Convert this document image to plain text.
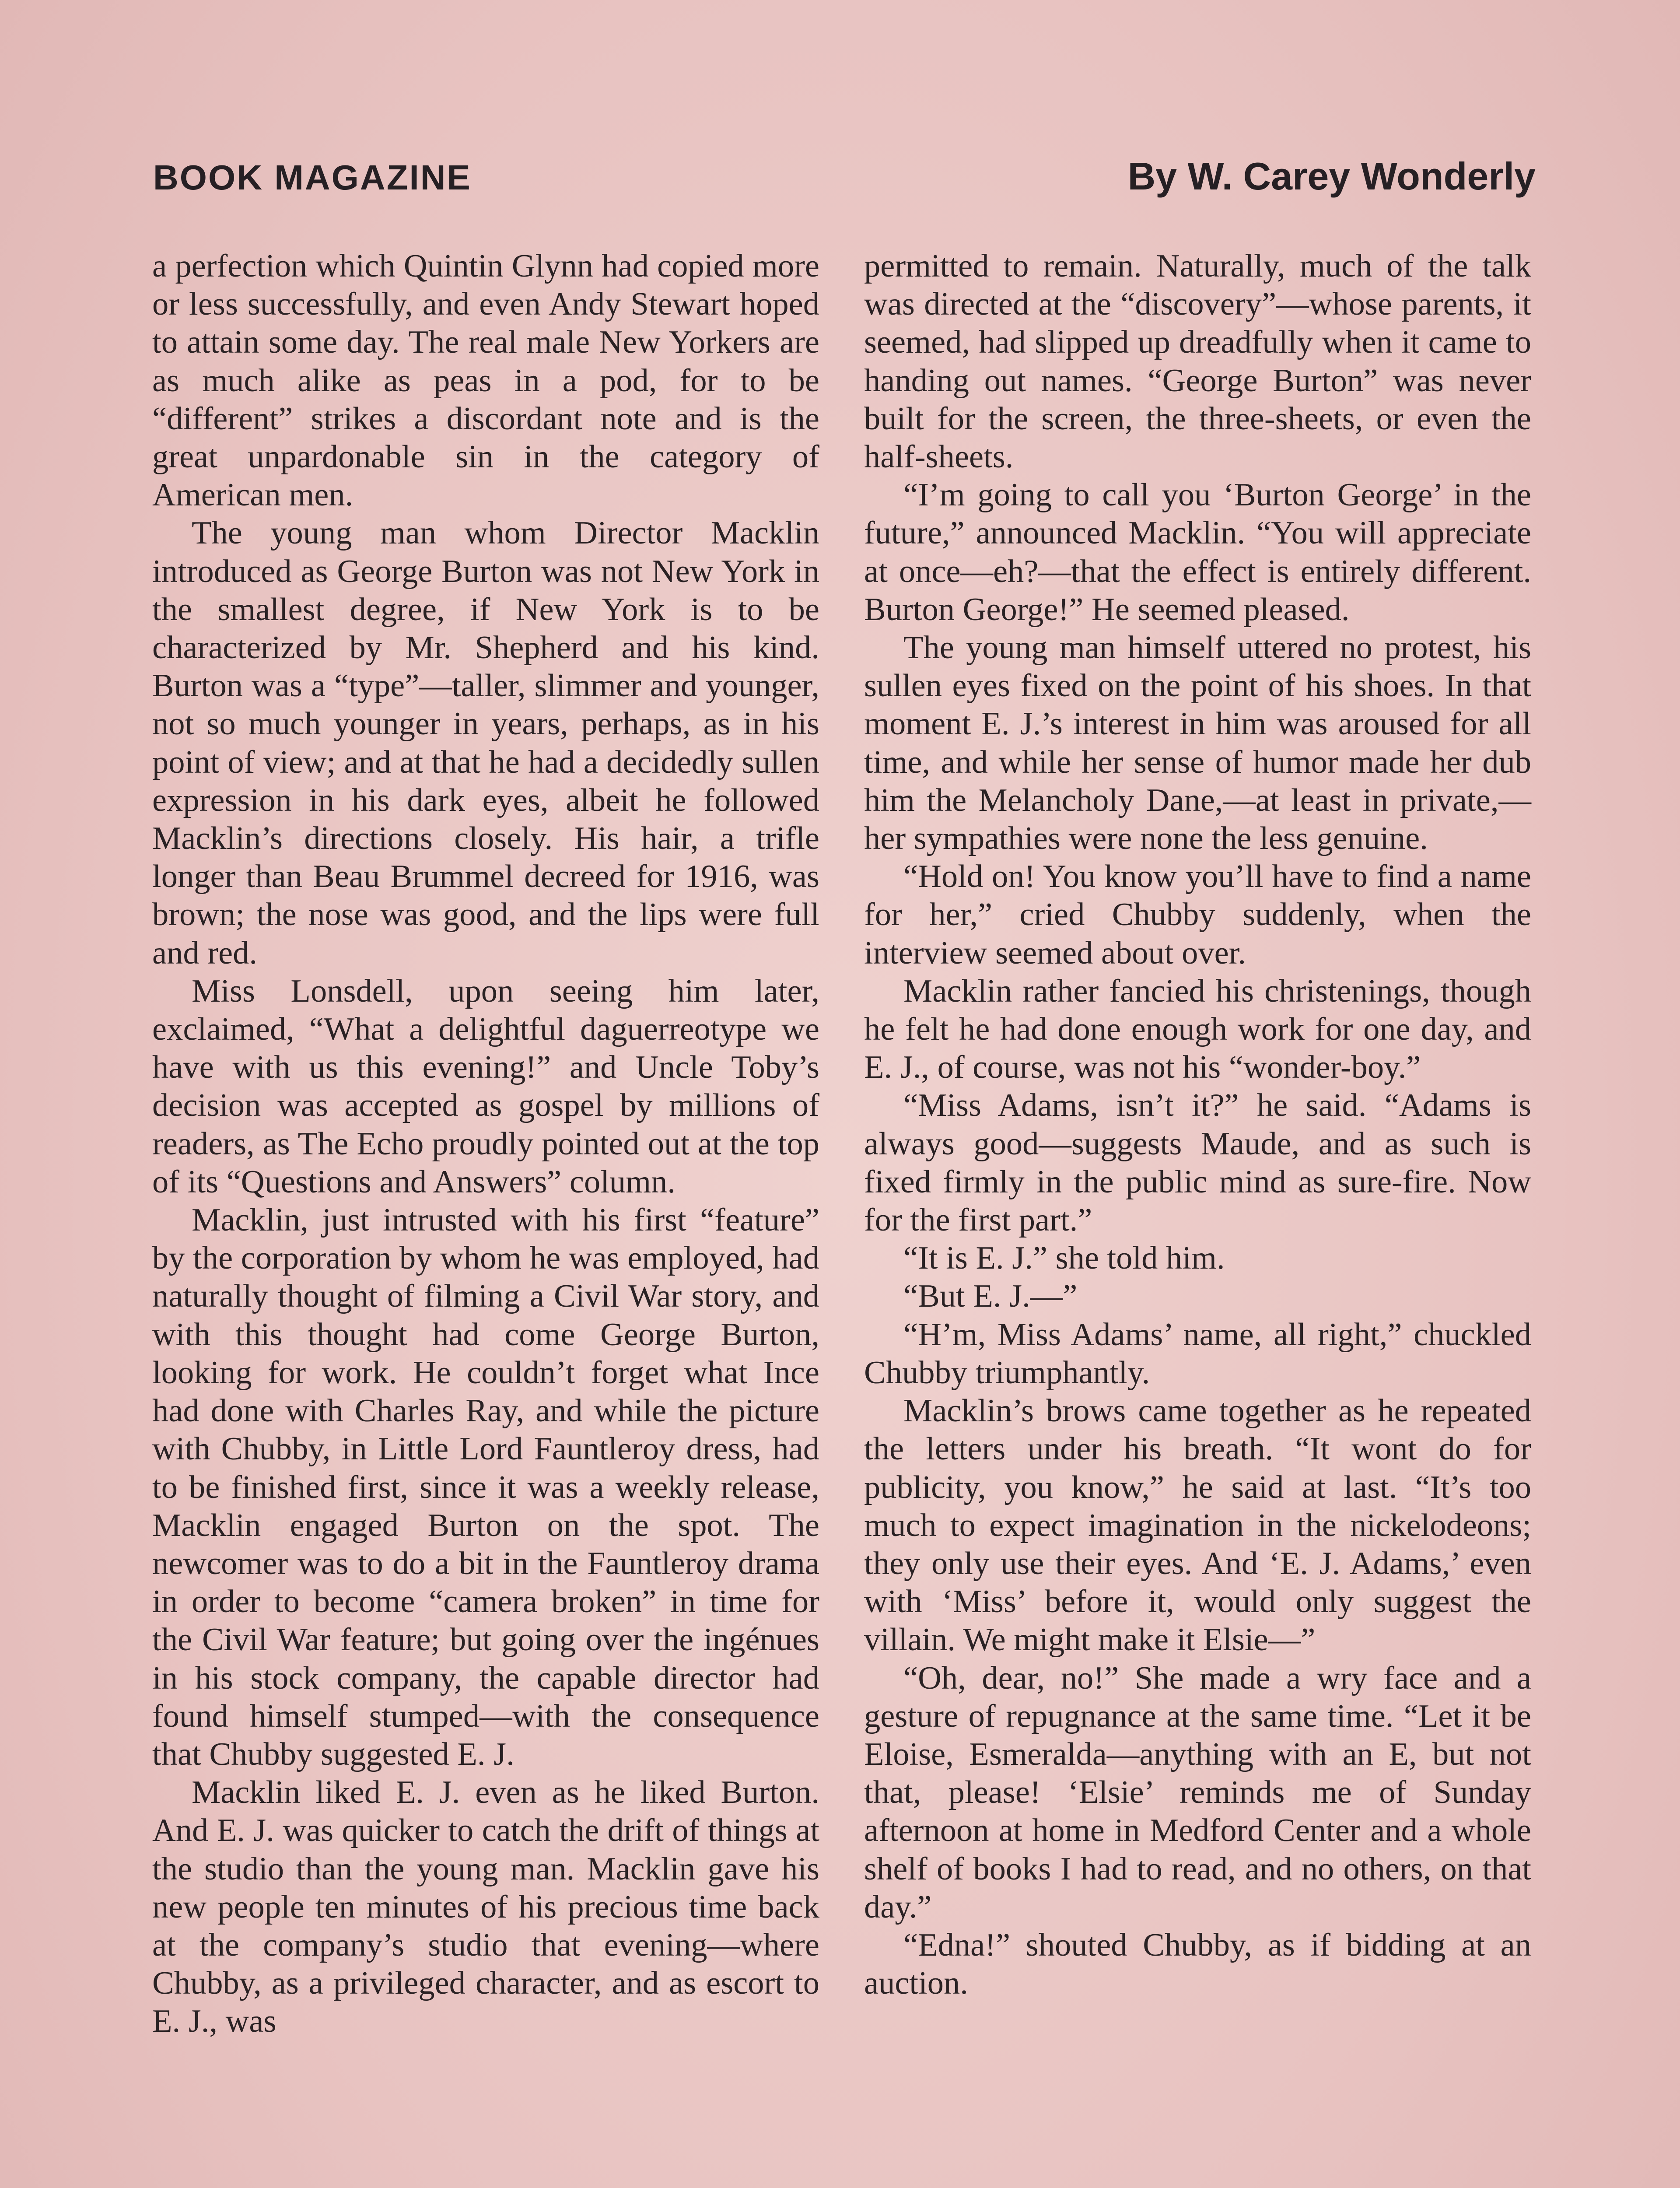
BOOK MAGAZINE	By W. Carey Wonderly

a perfection which Quintin Glynn had copied more or less successfully, and even Andy Stewart hoped to attain some day. The real male New Yorkers are as much alike as peas in a pod, for to be “different” strikes a discordant note and is the great unpardonable sin in the category of American men.

The young man whom Director Macklin introduced as George Burton was not New York in the smallest degree, if New York is to be characterized by Mr. Shepherd and his kind. Burton was a “type”—taller, slimmer and younger, not so much younger in years, perhaps, as in his point of view; and at that he had a decidedly sullen expression in his dark eyes, albeit he followed Macklin’s directions closely. His hair, a trifle longer than Beau Brummel decreed for 1916, was brown; the nose was good, and the lips were full and red.

Miss Lonsdell, upon seeing him later, exclaimed, “What a delightful daguerreotype we have with us this evening!” and Uncle Toby’s decision was accepted as gospel by millions of readers, as The Echo proudly pointed out at the top of its “Questions and Answers” column.

Macklin, just intrusted with his first “feature” by the corporation by whom he was employed, had naturally thought of filming a Civil War story, and with this thought had come George Burton, looking for work. He couldn’t forget what Ince had done with Charles Ray, and while the picture with Chubby, in Little Lord Fauntleroy dress, had to be finished first, since it was a weekly release, Macklin engaged Burton on the spot. The newcomer was to do a bit in the Fauntleroy drama in order to become “camera broken” in time for the Civil War feature; but going over the ingénues in his stock company, the capable director had found himself stumped—with the consequence that Chubby suggested E. J.

Macklin liked E. J. even as he liked Burton. And E. J. was quicker to catch the drift of things at the studio than the young man. Macklin gave his new people ten minutes of his precious time back at the company’s studio that evening—where Chubby, as a privileged character, and as escort to E. J., was

permitted to remain. Naturally, much of the talk was directed at the “discovery”—whose parents, it seemed, had slipped up dreadfully when it came to handing out names. “George Burton” was never built for the screen, the three-sheets, or even the half-sheets.

“I’m going to call you ‘Burton George’ in the future,” announced Macklin. “You will appreciate at once—eh?—that the effect is entirely different. Burton George!” He seemed pleased.

The young man himself uttered no protest, his sullen eyes fixed on the point of his shoes. In that moment E. J.’s interest in him was aroused for all time, and while her sense of humor made her dub him the Melancholy Dane,—at least in private,—her sympathies were none the less genuine.

“Hold on! You know you’ll have to find a name for her,” cried Chubby suddenly, when the interview seemed about over.

Macklin rather fancied his christenings, though he felt he had done enough work for one day, and E. J., of course, was not his “wonder-boy.”

“Miss Adams, isn’t it?” he said. “Adams is always good—suggests Maude, and as such is fixed firmly in the public mind as sure-fire. Now for the first part.”

“It is E. J.” she told him.

“But E. J.—”

“H’m, Miss Adams’ name, all right,” chuckled Chubby triumphantly.

Macklin’s brows came together as he repeated the letters under his breath. “It wont do for publicity, you know,” he said at last. “It’s too much to expect imagination in the nickelodeons; they only use their eyes. And ‘E. J. Adams,’ even with ‘Miss’ before it, would only suggest the villain. We might make it Elsie—”

“Oh, dear, no!” She made a wry face and a gesture of repugnance at the same time. “Let it be Eloise, Esmeralda—anything with an E, but not that, please! ‘Elsie’ reminds me of Sunday afternoon at home in Medford Center and a whole shelf of books I had to read, and no others, on that day.”

“Edna!” shouted Chubby, as if bidding at an auction.
